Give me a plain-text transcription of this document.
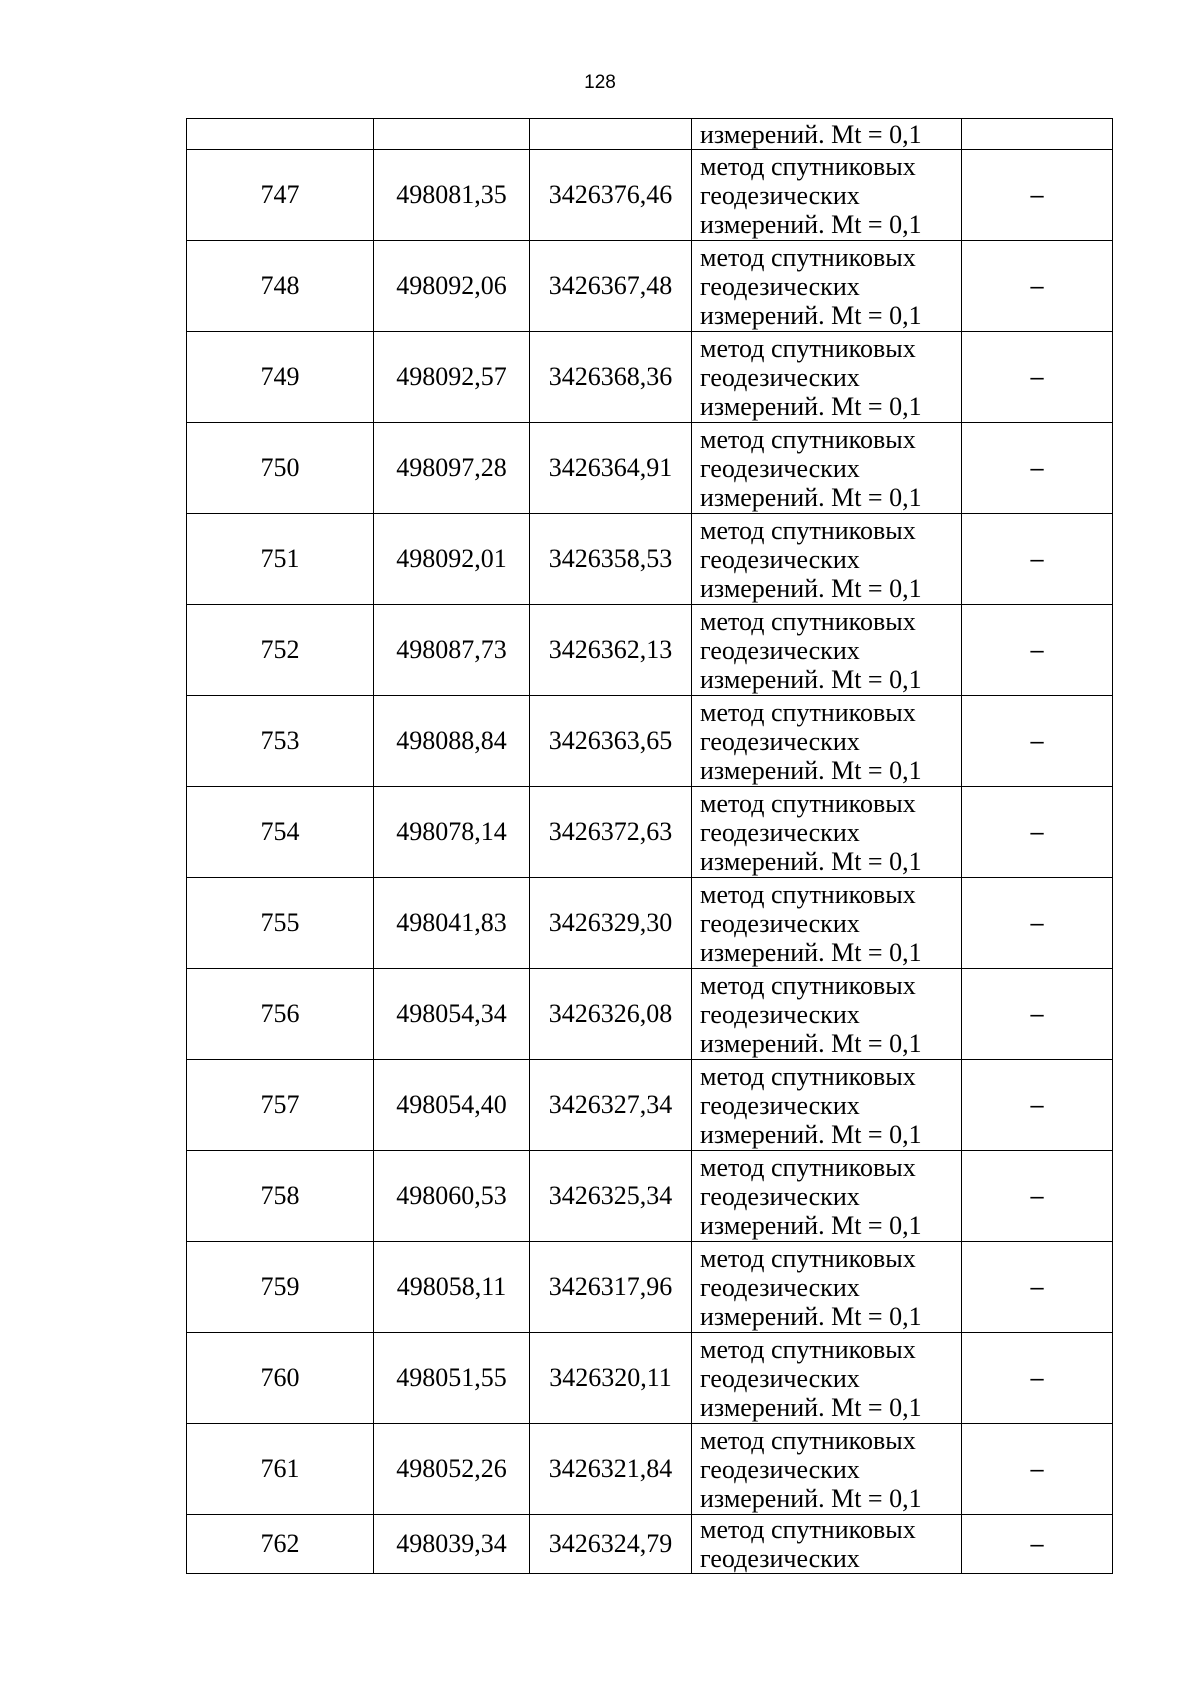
128
			измерений. Mt = 0,1	
747	498081,35	3426376,46	метод спутниковых
геодезических
измерений. Mt = 0,1	–
748	498092,06	3426367,48	метод спутниковых
геодезических
измерений. Mt = 0,1	–
749	498092,57	3426368,36	метод спутниковых
геодезических
измерений. Mt = 0,1	–
750	498097,28	3426364,91	метод спутниковых
геодезических
измерений. Mt = 0,1	–
751	498092,01	3426358,53	метод спутниковых
геодезических
измерений. Mt = 0,1	–
752	498087,73	3426362,13	метод спутниковых
геодезических
измерений. Mt = 0,1	–
753	498088,84	3426363,65	метод спутниковых
геодезических
измерений. Mt = 0,1	–
754	498078,14	3426372,63	метод спутниковых
геодезических
измерений. Mt = 0,1	–
755	498041,83	3426329,30	метод спутниковых
геодезических
измерений. Mt = 0,1	–
756	498054,34	3426326,08	метод спутниковых
геодезических
измерений. Mt = 0,1	–
757	498054,40	3426327,34	метод спутниковых
геодезических
измерений. Mt = 0,1	–
758	498060,53	3426325,34	метод спутниковых
геодезических
измерений. Mt = 0,1	–
759	498058,11	3426317,96	метод спутниковых
геодезических
измерений. Mt = 0,1	–
760	498051,55	3426320,11	метод спутниковых
геодезических
измерений. Mt = 0,1	–
761	498052,26	3426321,84	метод спутниковых
геодезических
измерений. Mt = 0,1	–
762	498039,34	3426324,79	метод спутниковых
геодезических	–
